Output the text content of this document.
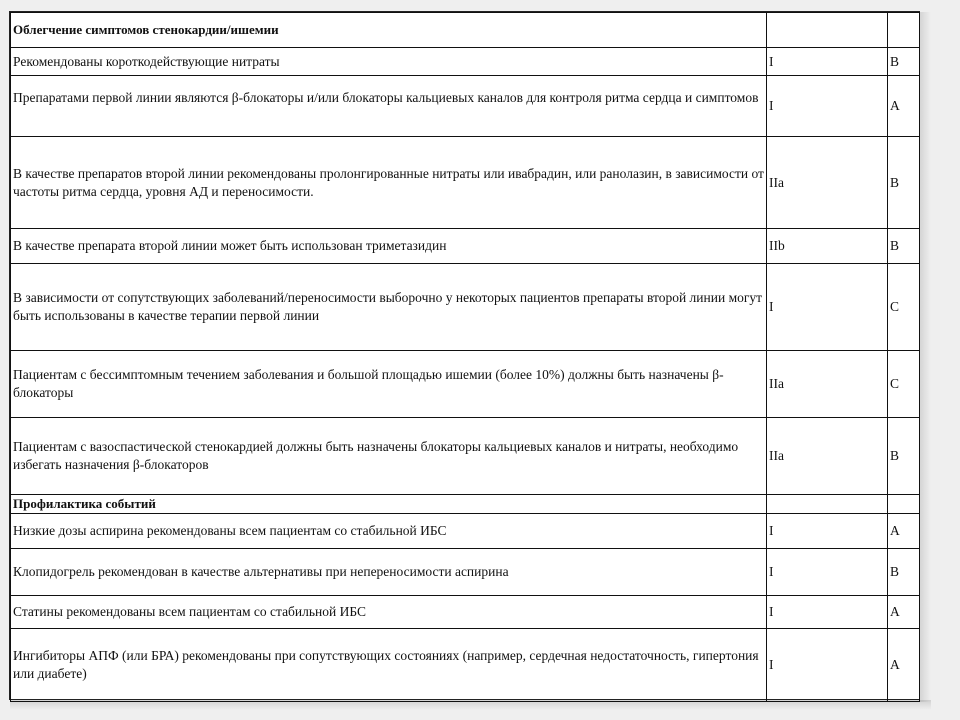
Облегчение симптомов стенокардии/ишемии		
Рекомендованы короткодействующие нитраты	I	B
Препаратами первой линии являются β-блокаторы и/или блокаторы кальциевых каналов для контроля ритма сердца и симптомов	I	A
В качестве препаратов второй линии рекомендованы пролонгированные нитраты или ивабрадин, или ранолазин, в зависимости от частоты ритма сердца, уровня АД и переносимости.	IIa	B
В качестве препарата второй линии может быть использован триметазидин	IIb	B
В зависимости от сопутствующих заболеваний/переносимости выборочно у некоторых пациентов препараты второй линии могут быть использованы в качестве терапии первой линии	I	C
Пациентам с бессимптомным течением заболевания и большой площадью ишемии (более 10%) должны быть назначены β-блокаторы	IIa	C
Пациентам с вазоспастической стенокардией должны быть назначены блокаторы кальциевых каналов и нитраты, необходимо избегать назначения β-блокаторов	IIa	B
Профилактика событий		
Низкие дозы аспирина рекомендованы всем пациентам со стабильной ИБС	I	A
Клопидогрель рекомендован в качестве альтернативы при непереносимости аспирина	I	B
Статины рекомендованы всем пациентам со стабильной ИБС	I	A
Ингибиторы АПФ (или БРА) рекомендованы при сопутствующих состояниях (например, сердечная недостаточность, гипертония или диабете)	I	A
